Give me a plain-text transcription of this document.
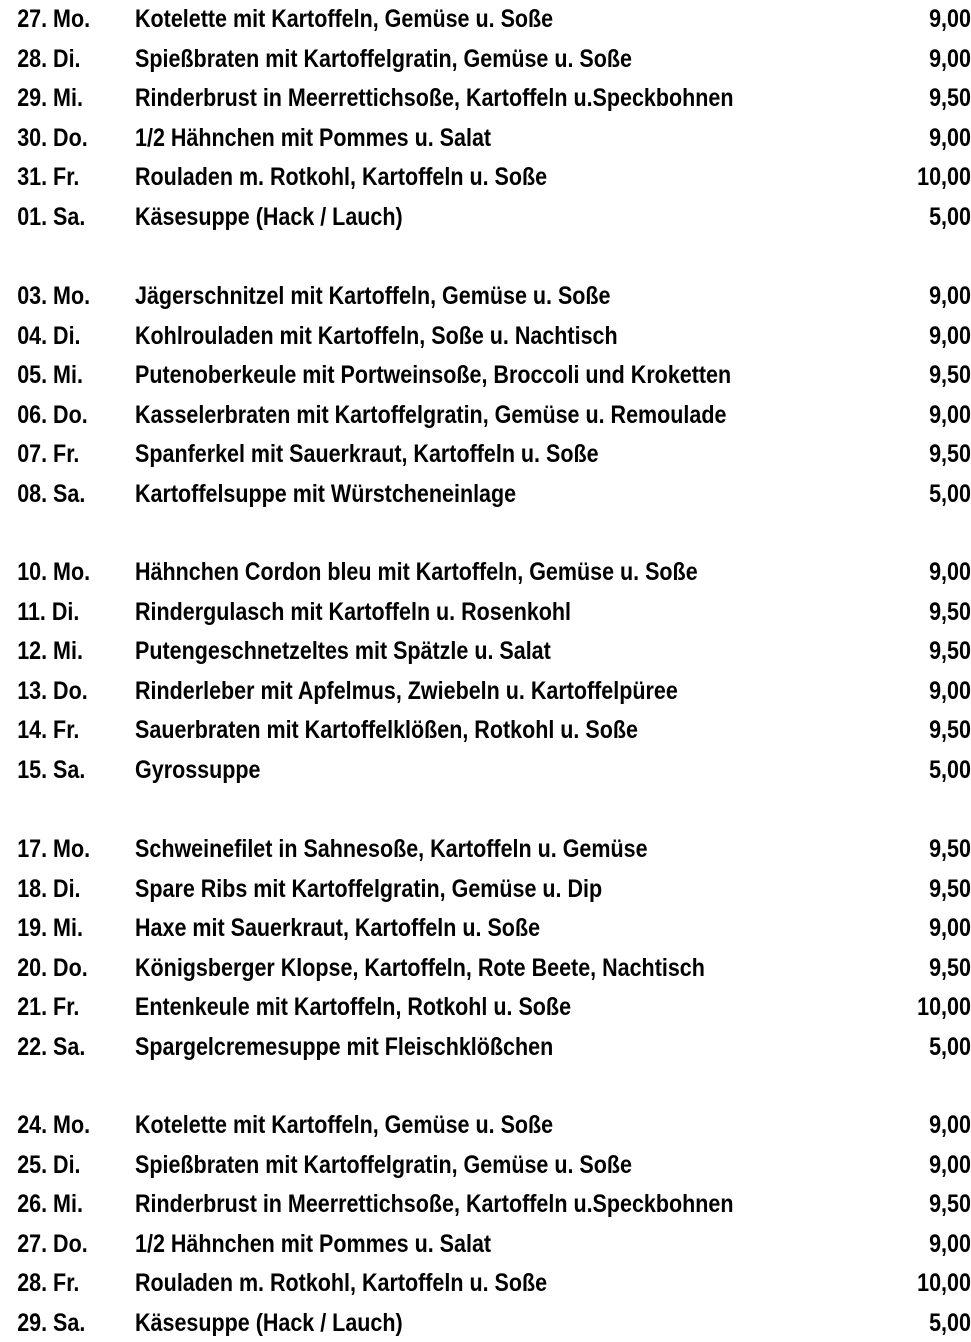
27. Mo. Kotelette mit Kartoffeln, Gemüse u. Soße	9,00
28. Di. Spießbraten mit Kartoffelgratin, Gemüse u. Soße	9,00
29. Mi. Rinderbrust in Meerrettichsoße, Kartoffeln u.Speckbohnen	9,50
30. Do. 1/2 Hähnchen mit Pommes u. Salat	9,00
31. Fr. Rouladen m. Rotkohl, Kartoffeln u. Soße	10,00
01. Sa. Käsesuppe (Hack / Lauch)	5,00
03. Mo. Jägerschnitzel mit Kartoffeln, Gemüse u. Soße	9,00
04. Di. Kohlrouladen mit Kartoffeln, Soße u. Nachtisch	9,00
05. Mi. Putenoberkeule mit Portweinsoße, Broccoli und Kroketten	9,50
06. Do. Kasselerbraten mit Kartoffelgratin, Gemüse u. Remoulade	9,00
07. Fr. Spanferkel mit Sauerkraut, Kartoffeln u. Soße	9,50
08. Sa. Kartoffelsuppe mit Würstcheneinlage	5,00
10. Mo. Hähnchen Cordon bleu mit Kartoffeln, Gemüse u. Soße	9,00
11. Di. Rindergulasch mit Kartoffeln u. Rosenkohl	9,50
12. Mi. Putengeschnetzeltes mit Spätzle u. Salat	9,50
13. Do. Rinderleber mit Apfelmus, Zwiebeln u. Kartoffelpüree	9,00
14. Fr. Sauerbraten mit Kartoffelklößen, Rotkohl u. Soße	9,50
15. Sa. Gyrossuppe	5,00
17. Mo. Schweinefilet in Sahnesoße, Kartoffeln u. Gemüse	9,50
18. Di. Spare Ribs mit Kartoffelgratin, Gemüse u. Dip	9,50
19. Mi. Haxe mit Sauerkraut, Kartoffeln u. Soße	9,00
20. Do. Königsberger Klopse, Kartoffeln, Rote Beete, Nachtisch	9,50
21. Fr. Entenkeule mit Kartoffeln, Rotkohl u. Soße	10,00
22. Sa. Spargelcremesuppe mit Fleischklößchen	5,00
24. Mo. Kotelette mit Kartoffeln, Gemüse u. Soße	9,00
25. Di. Spießbraten mit Kartoffelgratin, Gemüse u. Soße	9,00
26. Mi. Rinderbrust in Meerrettichsoße, Kartoffeln u.Speckbohnen	9,50
27. Do. 1/2 Hähnchen mit Pommes u. Salat	9,00
28. Fr. Rouladen m. Rotkohl, Kartoffeln u. Soße	10,00
29. Sa. Käsesuppe (Hack / Lauch)	5,00
